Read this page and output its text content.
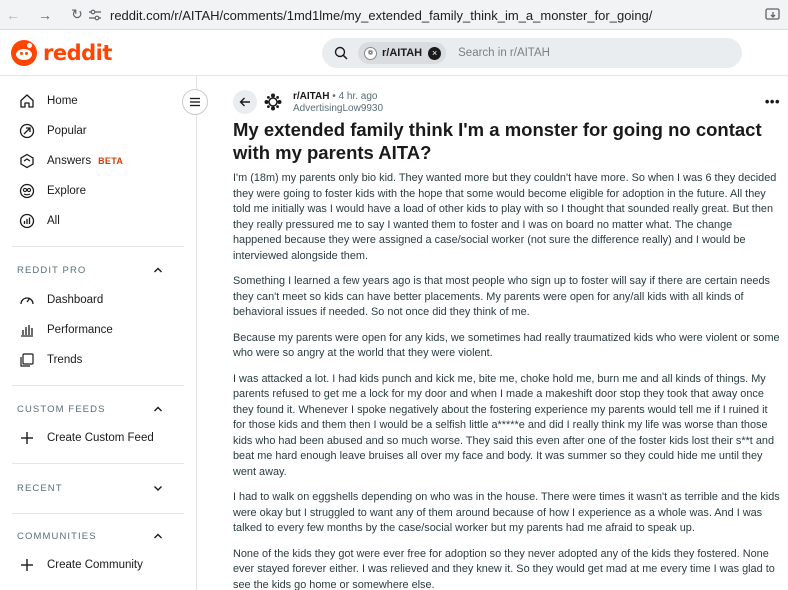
← →	↻	reddit.com/r/AITAH/comments/1md1lme/my_extended_family_think_im_a_monster_for_going/
reddit	❁ r/AITAH	×	Search in r/AITAH
Home
Popular
Answers BETA
Explore
All
REDDIT PRO
Dashboard
Performance
Trends
CUSTOM FEEDS
Create Custom Feed
RECENT
COMMUNITIES
Create Community
r/AITAH • 4 hr. ago
AdvertisingLow9930	•••
My extended family think I'm a monster for going no contact with my parents AITA?

I'm (18m) my parents only bio kid. They wanted more but they couldn't have more. So when I was 6 they decided they were going to foster kids with the hope that some would become eligible for adoption in the future. All they told me initially was I would have a load of other kids to play with so I thought that sounded really great. But then they really pressured me to say I wanted them to foster and I was on board no matter what. The change happened because they were assigned a case/social worker (not sure the difference really) and I would be interviewed alongside them.

Something I learned a few years ago is that most people who sign up to foster will say if there are certain needs they can't meet so kids can have better placements. My parents were open for any/all kids with all kinds of behavioral issues if needed. So not once did they think of me.

Because my parents were open for any kids, we sometimes had really traumatized kids who were violent or some who were so angry at the world that they were violent.

I was attacked a lot. I had kids punch and kick me, bite me, choke hold me, burn me and all kinds of things. My parents refused to get me a lock for my door and when I made a makeshift door stop they took that away once they found it. Whenever I spoke negatively about the fostering experience my parents would tell me if I ruined it for those kids and them then I would be a selfish little a*****e and did I really think my life was worse than those kids who had been abused and so much worse. They said this even after one of the foster kids lost their s**t and beat me hard enough leave bruises all over my face and body. It was summer so they could hide me until they went away.

I had to walk on eggshells depending on who was in the house. There were times it wasn't as terrible and the kids were okay but I struggled to want any of them around because of how I experience as a whole was. And I was talked to every few months by the case/social worker but my parents had me afraid to speak up.

None of the kids they got were ever free for adoption so they never adopted any of the kids they fostered. None ever stayed forever either. I was relieved and they knew it. So they would get mad at me every time I was glad to see the kids go home or somewhere else.
